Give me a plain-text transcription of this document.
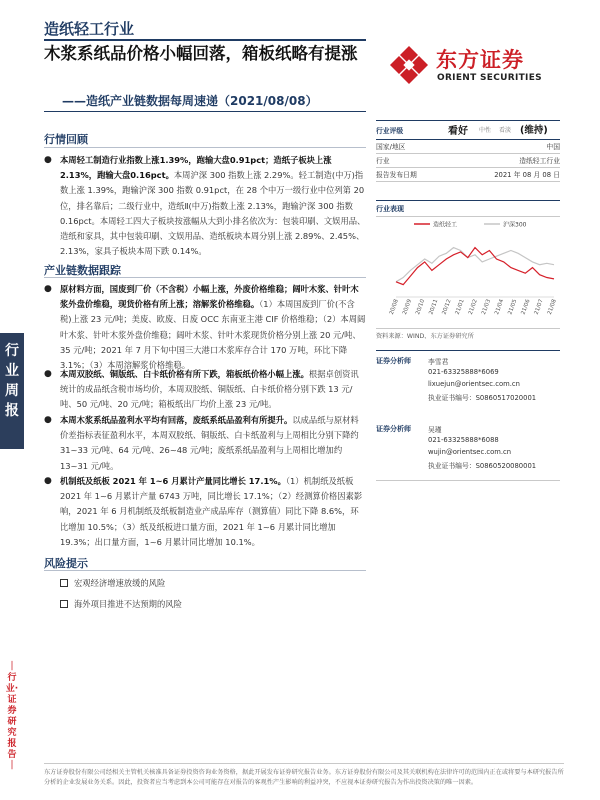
造纸轻工行业
木浆系纸品价格小幅回落，箱板纸略有提涨
——造纸产业链数据每周速递（2021/08/08）
东方证券
ORIENT SECURITIES
行业周报
｜行业·证券研究报告｜
行情回顾
● 本周轻工制造行业指数上涨1.39%，跑输大盘0.91pct；造纸子板块上涨2.13%，跑输大盘0.16pct。本周沪深 300 指数上涨 2.29%。轻工制造(中万)指数上涨 1.39%，跑输沪深 300 指数 0.91pct，在 28 个中万一级行业中位列第 20 位，排名靠后；二级行业中，造纸Ⅱ(中万)指数上涨 2.13%，跑输沪深 300 指数 0.16pct。本周轻工四大子板块按涨幅从大到小排名依次为：包装印刷、文娱用品、造纸和家具，其中包装印刷、文娱用品、造纸板块本周分别上涨 2.89%、2.45%、2.13%，家具子板块本周下跌 0.14%。
产业链数据跟踪
● 原材料方面，国废到厂价（不含税）小幅上涨，外废价格维稳；阔叶木浆、针叶木浆外盘价维稳，现货价格有所上涨；溶解浆价格维稳。（1）本周国废到厂价(不含税)上涨 23 元/吨；美废、欧废、日废 OCC 东南亚主港 CIF 价格维稳；（2）本周阔叶木浆、针叶木浆外盘价维稳；阔叶木浆、针叶木浆现货价格分别上涨 20 元/吨、35 元/吨；2021 年 7 月下旬中国三大港口木浆库存合计 170 万吨，环比下降 3.1%；（3）本周溶解浆价格维稳。
● 本周双胶纸、铜版纸、白卡纸价格有所下跌，箱板纸价格小幅上涨。根据卓创资讯统计的成品纸含税市场均价，本周双胶纸、铜版纸、白卡纸价格分别下跌 13 元/吨、50 元/吨、20 元/吨；箱板纸出厂均价上涨 23 元/吨。
● 本周木浆系纸品盈利水平均有回落，废纸系纸品盈利有所提升。以成品纸与原材料价差指标表征盈利水平，本周双胶纸、铜版纸、白卡纸盈利与上周相比分别下降约 31~33 元/吨、64 元/吨、26~48 元/吨；废纸系纸品盈利与上周相比增加约 13~31 元/吨。
● 机制纸及纸板 2021 年 1~6 月累计产量同比增长 17.1%。（1）机制纸及纸板 2021 年 1~6 月累计产量 6743 万吨，同比增长 17.1%；（2）经测算价格因素影响，2021 年 6 月机制纸及纸板制造业产成品库存（测算值）同比下降 8.6%，环比增加 10.5%；（3）纸及纸板进口量方面，2021 年 1~6 月累计同比增加 19.3%；出口量方面，1~6 月累计同比增加 10.1%。
风险提示
宏观经济增速放缓的风险
海外项目推进不达预期的风险
行业评级	看好 中性 看淡 (维持)
国家/地区	中国
行业	造纸轻工行业
报告发布日期	2021 年 08 月 08 日
行业表现
造纸轻工	沪深300
20/08 20/09 20/10 20/11 20/12 21/01 21/02 21/03 21/04 21/05 21/06 21/07 21/08
资料来源：WIND、东方证券研究所
证券分析师	李雪君
021-63325888*6069
lixuejun@orientsec.com.cn
执业证书编号：S0860517020001
证券分析师	吴瑾
021-63325888*6088
wujin@orientsec.com.cn
执业证书编号：S0860520080001
东方证券股份有限公司经相关主管机关核准具备证券投资咨询业务资格，据此开展发布证券研究报告业务。东方证券股份有限公司及其关联机构在法律许可的范围内正在或将要与本研究报告所分析的企业发展业务关系。因此，投资者应当考虑到本公司可能存在对报告的客观性产生影响的利益冲突，不应视本证券研究报告为作出投资决策的唯一因素。
